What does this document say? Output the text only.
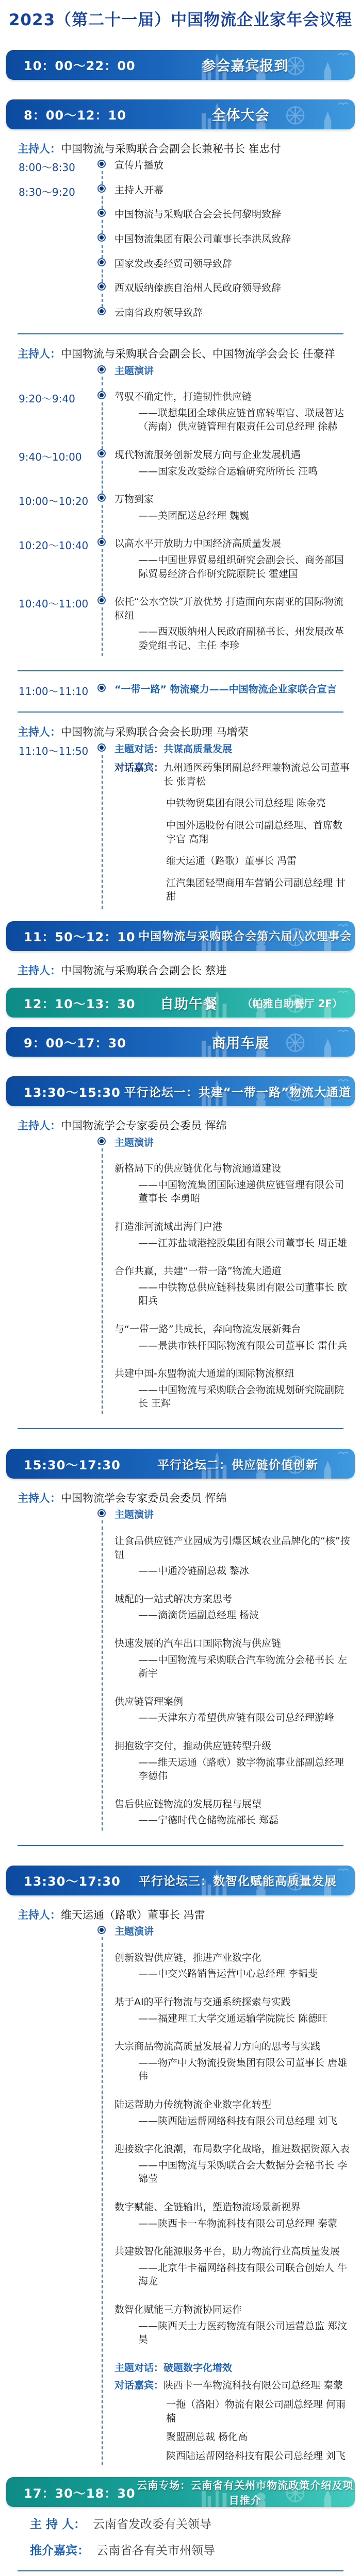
2023（第二十一届）中国物流企业家年会议程
10：00～22：00	参会嘉宾报到
8：00～12：10	全体大会
主持人：中国物流与采购联合会副会长兼秘书长 崔忠付
8:00～8:30	宣传片播放
8:30～9:20	主持人开幕
中国物流与采购联合会会长何黎明致辞
中国物流集团有限公司董事长李洪凤致辞
国家发改委经贸司领导致辞
西双版纳傣族自治州人民政府领导致辞
云南省政府领导致辞
主持人：中国物流与采购联合会副会长、中国物流学会会长 任豪祥
主题演讲
9:20～9:40	驾驭不确定性，打造韧性供应链
——联想集团全球供应链首席转型官、联晟智达（海南）供应链管理有限责任公司总经理 徐赫
9:40～10:00	现代物流服务创新发展方向与企业发展机遇
——国家发改委综合运输研究所所长 汪鸣
10:00～10:20	万物到家
——美团配送总经理 魏巍
10:20～10:40	以高水平开放助力中国经济高质量发展
——中国世界贸易组织研究会副会长、商务部国际贸易经济合作研究院原院长 霍建国
10:40～11:00	依托“公水空铁”开放优势 打造面向东南亚的国际物流枢纽
——西双版纳州人民政府副秘书长、州发展改革委党组书记、主任 李珍
11:00～11:10	“一带一路” 物流聚力——中国物流企业家联合宣言
主持人：中国物流与采购联合会会长助理 马增荣
11:10～11:50	主题对话：共谋高质量发展
对话嘉宾： 九州通医药集团副总经理兼物流总公司董事长 张青松
中铁物贸集团有限公司总经理 陈金亮
中国外运股份有限公司副总经理、首席数字官 高翔
维天运通（路歌）董事长 冯雷
江汽集团轻型商用车营销公司副总经理 甘甜
11：50～12：10 中国物流与采购联合会第六届八次理事会
主持人：中国物流与采购联合会副会长 蔡进
12：10～13：30	自助午餐	（帕雅自助餐厅 2F）
9：00～17：30	商用车展
13:30～15:30 平行论坛一：共建“一带一路”物流大通道
主持人：中国物流学会专家委员会委员 恽绵
主题演讲
新格局下的供应链优化与物流通道建设
——中国物流集团国际速递供应链管理有限公司董事长 李勇昭
打造淮河流域出海门户港
——江苏盐城港控股集团有限公司董事长 周正雄
合作共赢，共建“一带一路”物流大通道
——中铁物总供应链科技集团有限公司董事长 欧阳兵
与“一带一路”共成长，奔向物流发展新舞台
——景洪市铁杆国际物流有限公司董事长 雷仕兵
共建中国-东盟物流大通道的国际物流枢纽
——中国物流与采购联合会物流规划研究院副院长 王辉
15:30～17:30	平行论坛二：供应链价值创新
主持人：中国物流学会专家委员会委员 恽绵
主题演讲
让食品供应链产业园成为引爆区域农业品牌化的“核”按钮
——中通冷链副总裁 黎冰
城配的一站式解决方案思考
——滴滴货运副总经理 杨波
快速发展的汽车出口国际物流与供应链
——中国物流与采购联合汽车物流分会秘书长 左新宇
供应链管理案例
——天津东方希望供应链有限公司总经理游峰
拥抱数字交付，推动供应链转型升级
——维天运通（路歌）数字物流事业部副总经理 李德伟
售后供应链物流的发展历程与展望
——宁德时代仓储物流部长 郑磊
13:30～17:30	平行论坛三：数智化赋能高质量发展
主持人：维天运通（路歌）董事长 冯雷
主题演讲
创新数智供应链，推进产业数字化
——中交兴路销售运营中心总经理 李韫斐
基于AI的平行物流与交通系统探索与实践
——福建理工大学交通运输学院院长 陈德旺
大宗商品物流高质量发展着力方向的思考与实践
——物产中大物流投资集团有限公司董事长 唐雄伟
陆运帮助力传统物流企业数字化转型
——陕西陆运帮网络科技有限公司总经理 刘飞
迎接数字化浪潮，布局数字化战略，推进数据资源入表
——中国物流与采购联合会大数据分会秘书长 李锦莹
数字赋能、全链输出，塑造物流场景新视界
——陕西卡一车物流科技有限公司总经理 秦蒙
共建数智化能源服务平台，助力物流行业高质量发展
——北京牛卡福网络科技有限公司联合创始人 牛海龙
数智化赋能三方物流协同运作
——陕西天士力医药物流有限公司运营总监 郑汶昊
主题对话：破题数字化增效
对话嘉宾： 陕西卡一车物流科技有限公司总经理 秦蒙
一拖（洛阳）物流有限公司副总经理 何雨楠
聚盟副总裁 杨化高
陕西陆运帮网络科技有限公司总经理 刘飞
17：30～18：30
云南专场：云南省有关州市物流政策介绍及项目推介
主 持 人： 云南省发改委有关领导
推介嘉宾： 云南省各有关市州领导
